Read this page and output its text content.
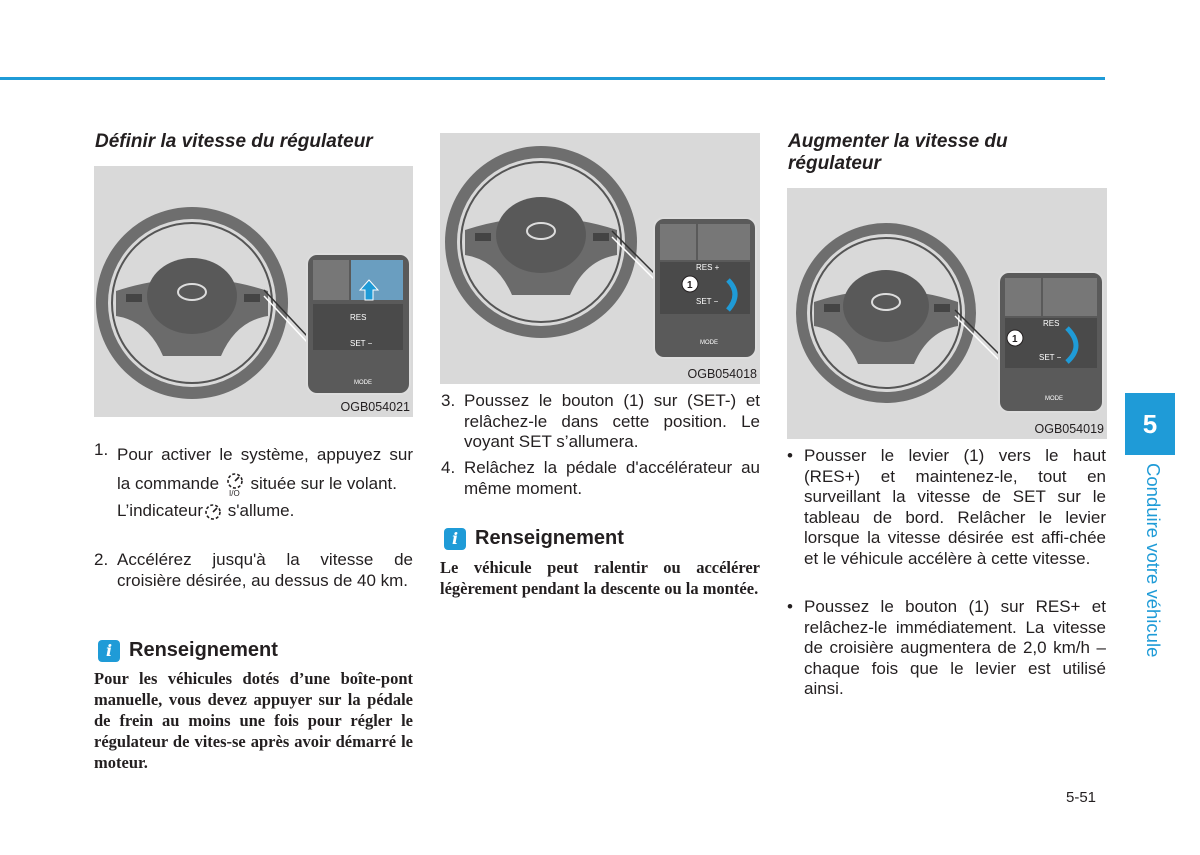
Définir la vitesse du régulateur
RES
SET −
MODE
OGB054021
1. Pour activer le système, appuyez sur la commande
I/O
située sur le volant.
L’indicateur s'allume.
2. Accélérez jusqu'à la vitesse de croisière désirée, au dessus de 40 km.
i Renseignement
Pour les véhicules dotés d’une boîte-pont manuelle, vous devez appuyer sur la pédale de frein au moins une fois pour régler le régulateur de vites-se après avoir démarré le moteur.
RES +
SET −
1
MODE
OGB054018
3. Poussez le bouton (1) sur (SET-) et relâchez-le dans cette position. Le voyant SET s’allumera.
4. Relâchez la pédale d'accélérateur au même moment.
i Renseignement
Le véhicule peut ralentir ou accélérer légèrement pendant la descente ou la montée.
Augmenter la vitesse du régulateur
RES
SET −
1
MODE
OGB054019
• Pousser le levier (1) vers le haut (RES+) et maintenez-le, tout en surveillant la vitesse de SET sur le tableau de bord. Relâcher le levier lorsque la vitesse désirée est affi-chée et le véhicule accélère à cette vitesse.
• Poussez le bouton (1) sur RES+ et relâchez-le immédiatement. La vitesse de croisière augmentera de 2,0 km/h – chaque fois que le levier est utilisé ainsi.
5
Conduire votre véhicule
5-51
